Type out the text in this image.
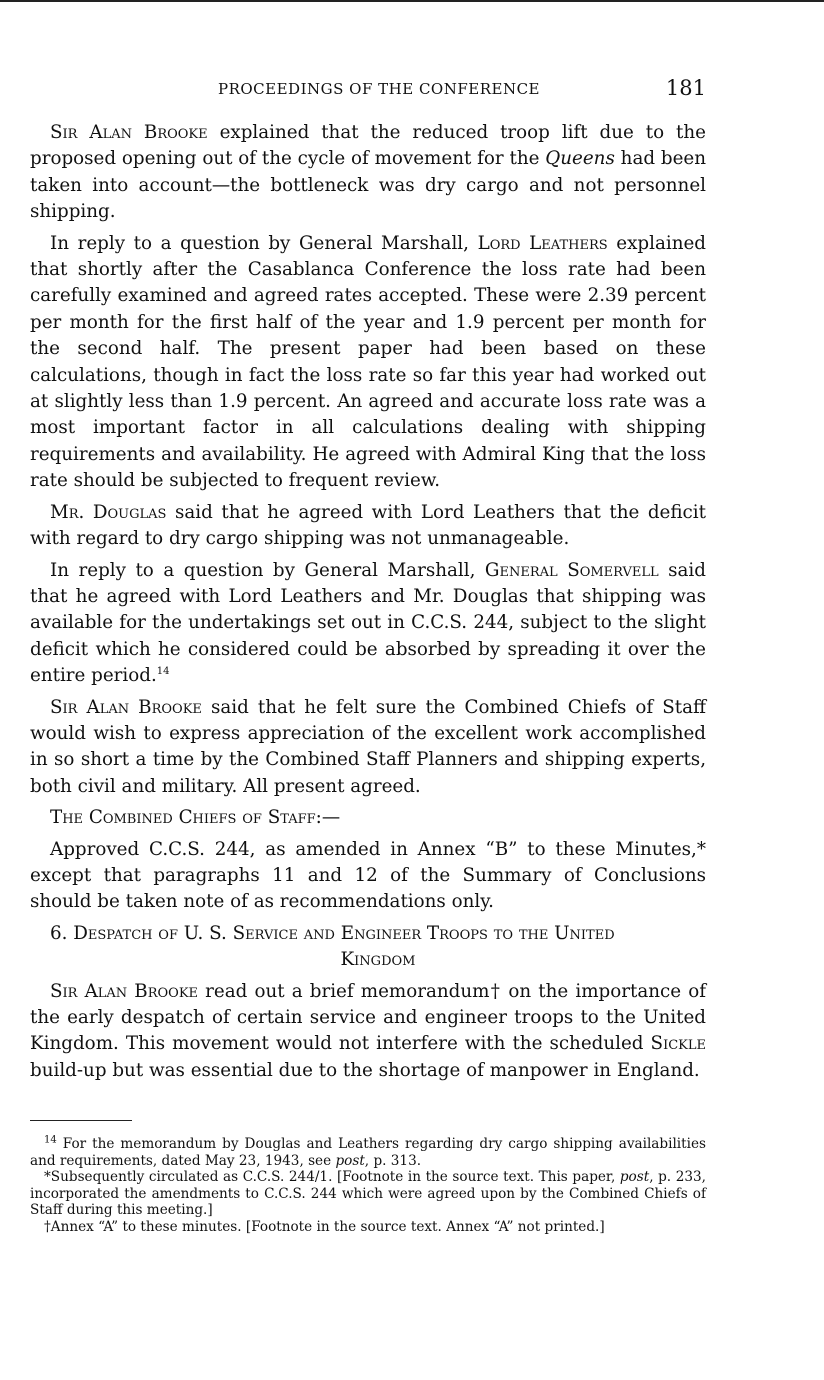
PROCEEDINGS OF THE CONFERENCE	181

Sir Alan Brooke explained that the reduced troop lift due to the proposed opening out of the cycle of movement for the Queens had been taken into account—the bottleneck was dry cargo and not personnel shipping.

In reply to a question by General Marshall, Lord Leathers explained that shortly after the Casablanca Conference the loss rate had been carefully examined and agreed rates accepted. These were 2.39 percent per month for the first half of the year and 1.9 percent per month for the second half. The present paper had been based on these calculations, though in fact the loss rate so far this year had worked out at slightly less than 1.9 percent. An agreed and accurate loss rate was a most important factor in all calculations dealing with shipping requirements and availability. He agreed with Admiral King that the loss rate should be subjected to frequent review.

Mr. Douglas said that he agreed with Lord Leathers that the deficit with regard to dry cargo shipping was not unmanageable.

In reply to a question by General Marshall, General Somervell said that he agreed with Lord Leathers and Mr. Douglas that shipping was available for the undertakings set out in C.C.S. 244, subject to the slight deficit which he considered could be absorbed by spreading it over the entire period.$^{14}$

Sir Alan Brooke said that he felt sure the Combined Chiefs of Staff would wish to express appreciation of the excellent work accomplished in so short a time by the Combined Staff Planners and shipping experts, both civil and military. All present agreed.

The Combined Chiefs of Staff:—

Approved C.C.S. 244, as amended in Annex “B” to these Minutes,* except that paragraphs 11 and 12 of the Summary of Conclusions should be taken note of as recommendations only.

6. Despatch of U. S. Service and Engineer Troops to the United
Kingdom

Sir Alan Brooke read out a brief memorandum† on the importance of the early despatch of certain service and engineer troops to the United Kingdom. This movement would not interfere with the scheduled Sickle build-up but was essential due to the shortage of manpower in England.

$^{14}$ For the memorandum by Douglas and Leathers regarding dry cargo shipping availabilities and requirements, dated May 23, 1943, see post, p. 313.

*Subsequently circulated as C.C.S. 244/1. [Footnote in the source text. This paper, post, p. 233, incorporated the amendments to C.C.S. 244 which were agreed upon by the Combined Chiefs of Staff during this meeting.]

†Annex “A” to these minutes. [Footnote in the source text. Annex “A” not printed.]
